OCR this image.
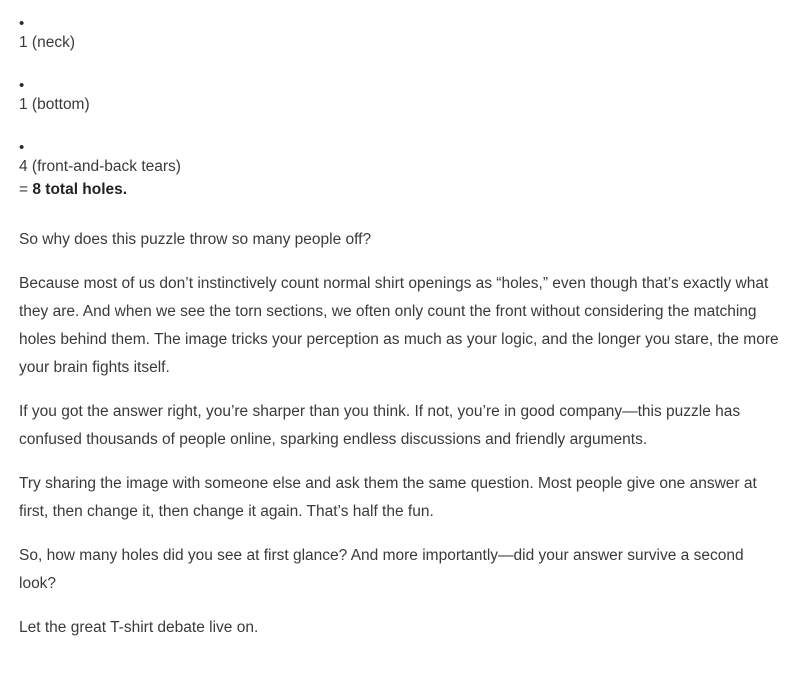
•
1 (neck)
•
1 (bottom)
•
4 (front-and-back tears)
= 8 total holes.

So why does this puzzle throw so many people off?

Because most of us don’t instinctively count normal shirt openings as “holes,” even though that’s exactly what they are. And when we see the torn sections, we often only count the front without considering the matching holes behind them. The image tricks your perception as much as your logic, and the longer you stare, the more your brain fights itself.

If you got the answer right, you’re sharper than you think. If not, you’re in good company—this puzzle has confused thousands of people online, sparking endless discussions and friendly arguments.

Try sharing the image with someone else and ask them the same question. Most people give one answer at first, then change it, then change it again. That’s half the fun.

So, how many holes did you see at first glance? And more importantly—did your answer survive a second look?

Let the great T-shirt debate live on.
